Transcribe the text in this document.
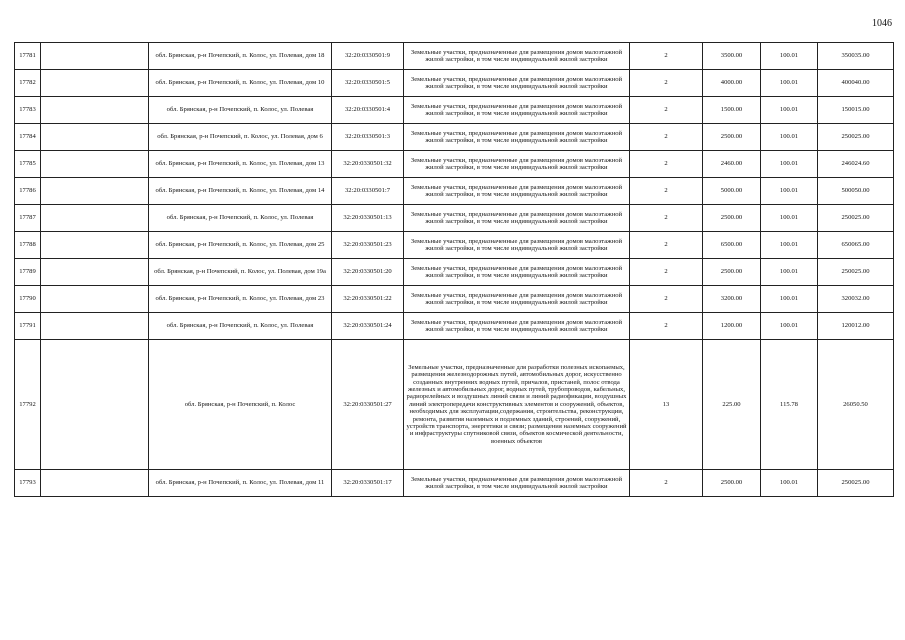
1046
17781		обл. Брянская, р-н Почепский, п. Колос, ул. Полевая, дом 18	32:20:0330501:9	Земельные участки, предназначенные для размещения домов малоэтажной жилой застройки, в том числе индивидуальной жилой застройки	2	3500.00	100.01	350035.00
17782		обл. Брянская, р-н Почепский, п. Колос, ул. Полевая, дом 10	32:20:0330501:5	Земельные участки, предназначенные для размещения домов малоэтажной жилой застройки, в том числе индивидуальной жилой застройки	2	4000.00	100.01	400040.00
17783		обл. Брянская, р-н Почепский, п. Колос, ул. Полевая	32:20:0330501:4	Земельные участки, предназначенные для размещения домов малоэтажной жилой застройки, в том числе индивидуальной жилой застройки	2	1500.00	100.01	150015.00
17784		обл. Брянская, р-н Почепский, п. Колос, ул. Полевая, дом 6	32:20:0330501:3	Земельные участки, предназначенные для размещения домов малоэтажной жилой застройки, в том числе индивидуальной жилой застройки	2	2500.00	100.01	250025.00
17785		обл. Брянская, р-н Почепский, п. Колос, ул. Полевая, дом 13	32:20:0330501:32	Земельные участки, предназначенные для размещения домов малоэтажной жилой застройки, в том числе индивидуальной жилой застройки	2	2460.00	100.01	246024.60
17786		обл. Брянская, р-н Почепский, п. Колос, ул. Полевая, дом 14	32:20:0330501:7	Земельные участки, предназначенные для размещения домов малоэтажной жилой застройки, в том числе индивидуальной жилой застройки	2	5000.00	100.01	500050.00
17787		обл. Брянская, р-н Почепский, п. Колос, ул. Полевая	32:20:0330501:13	Земельные участки, предназначенные для размещения домов малоэтажной жилой застройки, в том числе индивидуальной жилой застройки	2	2500.00	100.01	250025.00
17788		обл. Брянская, р-н Почепский, п. Колос, ул. Полевая, дом 25	32:20:0330501:23	Земельные участки, предназначенные для размещения домов малоэтажной жилой застройки, в том числе индивидуальной жилой застройки	2	6500.00	100.01	650065.00
17789		обл. Брянская, р-н Почепский, п. Колос, ул. Полевая, дом 19а	32:20:0330501:20	Земельные участки, предназначенные для размещения домов малоэтажной жилой застройки, в том числе индивидуальной жилой застройки	2	2500.00	100.01	250025.00
17790		обл. Брянская, р-н Почепский, п. Колос, ул. Полевая, дом 23	32:20:0330501:22	Земельные участки, предназначенные для размещения домов малоэтажной жилой застройки, в том числе индивидуальной жилой застройки	2	3200.00	100.01	320032.00
17791		обл. Брянская, р-н Почепский, п. Колос, ул. Полевая	32:20:0330501:24	Земельные участки, предназначенные для размещения домов малоэтажной жилой застройки, в том числе индивидуальной жилой застройки	2	1200.00	100.01	120012.00
17792		обл. Брянская, р-н Почепский, п. Колос	32:20:0330501:27	Земельные участки, предназначенные для разработки полезных ископаемых, размещения железнодорожных путей, автомобильных дорог, искусственно созданных внутренних водных путей, причалов, пристаней, полос отвода железных и автомобильных дорог, водных путей, трубопроводов, кабельных, радиорелейных и воздушных линий связи и линий радиофикации, воздушных линий электропередачи конструктивных элементов и сооружений, объектов, необходимых для эксплуатации,содержания, строительства, реконструкции, ремонта, развития наземных и подземных зданий, строений, сооружений, устройств транспорта, энергетики и связи; размещения наземных сооружений и инфраструктуры спутниковой связи, объектов космической деятельности, военных объектов	13	225.00	115.78	26050.50
17793		обл. Брянская, р-н Почепский, п. Колос, ул. Полевая, дом 11	32:20:0330501:17	Земельные участки, предназначенные для размещения домов малоэтажной жилой застройки, в том числе индивидуальной жилой застройки	2	2500.00	100.01	250025.00
